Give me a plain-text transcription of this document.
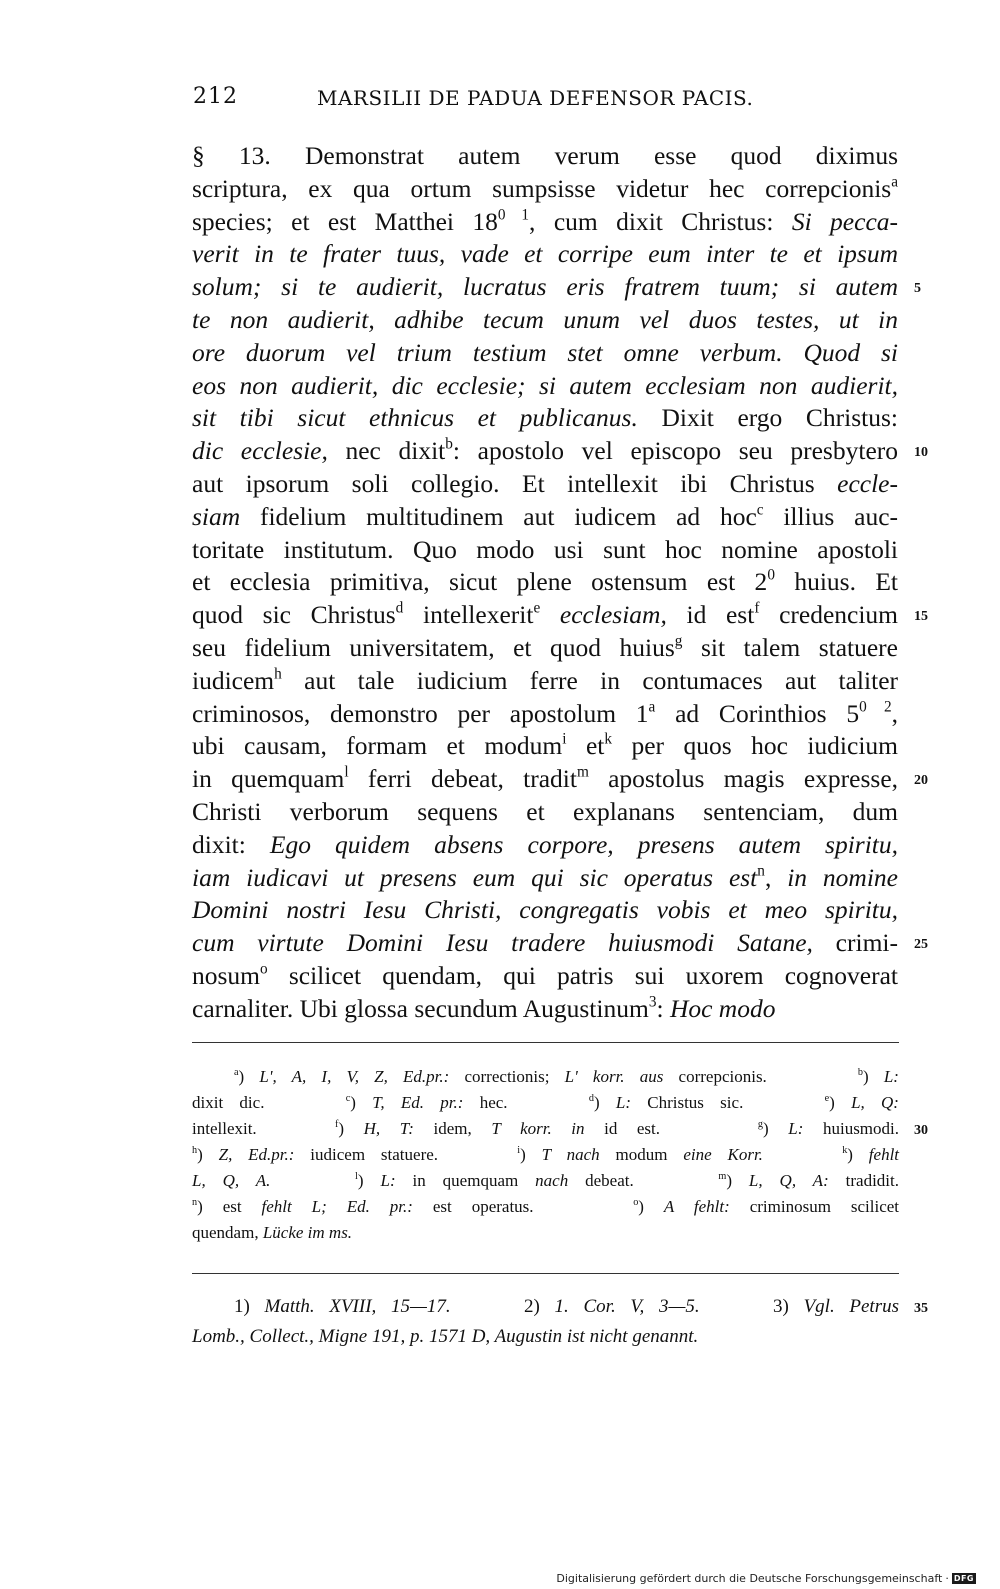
212	MARSILII DE PADUA DEFENSOR PACIS.
§ 13. Demonstrat autem verum esse quod diximus
scriptura, ex qua ortum sumpsisse videtur hec correpcionis$^a$
species; et est Matthei $18^{0 1}$, cum dixit Christus: Si pecca-
verit in te frater tuus, vade et corripe eum inter te et ipsum
solum; si te audierit, lucratus eris fratrem tuum; si autem 5
te non audierit, adhibe tecum unum vel duos testes, ut in
ore duorum vel trium testium stet omne verbum. Quod si
eos non audierit, dic ecclesie; si autem ecclesiam non audierit,
sit tibi sicut ethnicus et publicanus. Dixit ergo Christus:
dic ecclesie, nec dixit$^b$: apostolo vel episcopo seu presbytero 10
aut ipsorum soli collegio. Et intellexit ibi Christus eccle-
siam fidelium multitudinem aut iudicem ad hoc$^c$ illius auc-
toritate institutum. Quo modo usi sunt hoc nomine apostoli
et ecclesia primitiva, sicut plene ostensum est $2^0$ huius. Et
quod sic Christus$^d$ intellexerit$^e$ ecclesiam, id est$^f$ credencium 15
seu fidelium universitatem, et quod huius$^g$ sit talem statuere
iudicem$^h$ aut tale iudicium ferre in contumaces aut taliter
criminosos, demonstro per apostolum 1$^a$ ad Corinthios $5^{0 2}$,
ubi causam, formam et modum$^i$ $et^k$ per quos hoc iudicium
in quemquam$^l$ ferri debeat, tradit$^m$ apostolus magis expresse, 20
Christi verborum sequens et explanans sentenciam, dum
dixit: Ego quidem absens corpore, presens autem spiritu,
iam iudicavi ut presens eum qui sic operatus est$^n$, in nomine
Domini nostri Iesu Christi, congregatis vobis et meo spiritu,
cum virtute Domini Iesu tradere huiusmodi Satane, crimi- 25
nosum$^o$ scilicet quendam, qui patris sui uxorem cognoverat
carnaliter. Ubi glossa secundum Augustinum$^3$: Hoc modo
$^a$) L', A, I, V, Z, Ed.pr.: correctionis; L' korr. aus correpcionis.      $^b$) L:
dixit dic.     $^c$) T, Ed. pr.: hec.     $^d$) L: Christus sic.     $^e$) L, Q:
intellexit.    $^f$) H, T: idem, T korr. in id est.     $^g$) L: huiusmodi. 30
$^h$) Z, Ed.pr.: iudicem statuere.     $^i$) T nach modum eine Korr.	$^k$) fehlt
L, Q, A.	$^l$) L: in quemquam nach debeat.     $^m$) L, Q, A: tradidit.
$^n$) est fehlt L; Ed. pr.: est operatus.     $^o$) A fehlt: criminosum scilicet
quendam, Lücke im ms.
1) Matth. XVIII, 15—17.     2) 1. Cor. V, 3—5.     3) Vgl. Petrus 35
Lomb., Collect., Migne 191, p. 1571 D, Augustin ist nicht genannt.
Digitalisierung gefördert durch die Deutsche Forschungsgemeinschaft · DFG
